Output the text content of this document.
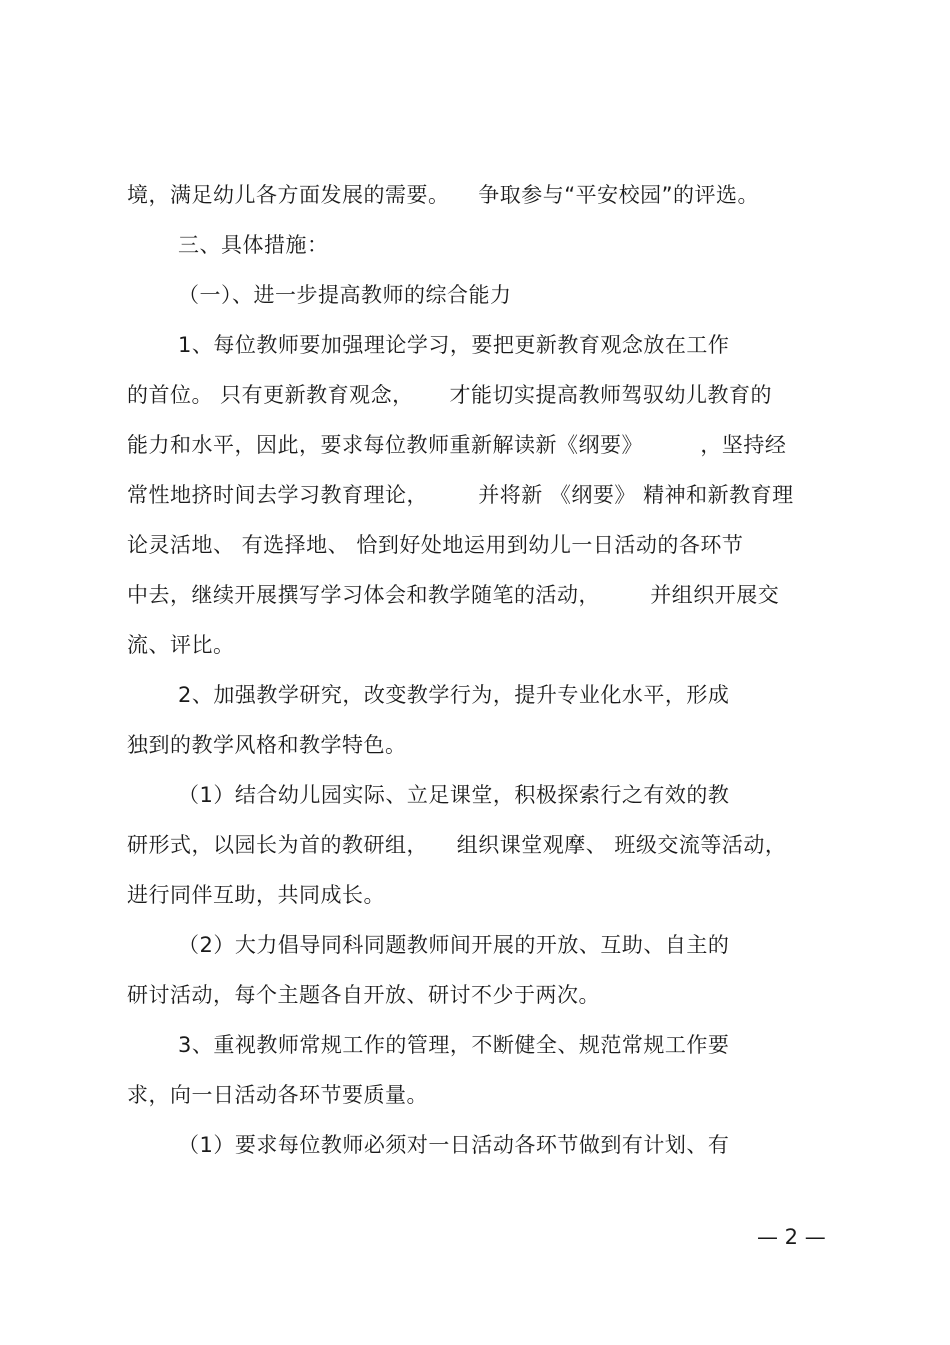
境，满足幼儿各方面发展的需要。    争取参与“平安校园”的评选。
三、具体措施：
（一）、进一步提高教师的综合能力
1、每位教师要加强理论学习，要把更新教育观念放在工作
的首位。 只有更新教育观念，     才能切实提高教师驾驭幼儿教育的
能力和水平，因此，要求每位教师重新解读新《纲要》        ，坚持经
常性地挤时间去学习教育理论，       并将新 《纲要》 精神和新教育理
论灵活地、 有选择地、 恰到好处地运用到幼儿一日活动的各环节
中去，继续开展撰写学习体会和教学随笔的活动，       并组织开展交
流、评比。
2、加强教学研究，改变教学行为，提升专业化水平，形成
独到的教学风格和教学特色。
（1）结合幼儿园实际、立足课堂，积极探索行之有效的教
研形式，以园长为首的教研组，    组织课堂观摩、 班级交流等活动，
进行同伴互助，共同成长。
（2）大力倡导同科同题教师间开展的开放、互助、自主的
研讨活动，每个主题各自开放、研讨不少于两次。
3、重视教师常规工作的管理，不断健全、规范常规工作要
求，向一日活动各环节要质量。
（1）要求每位教师必须对一日活动各环节做到有计划、有
— 2 —
